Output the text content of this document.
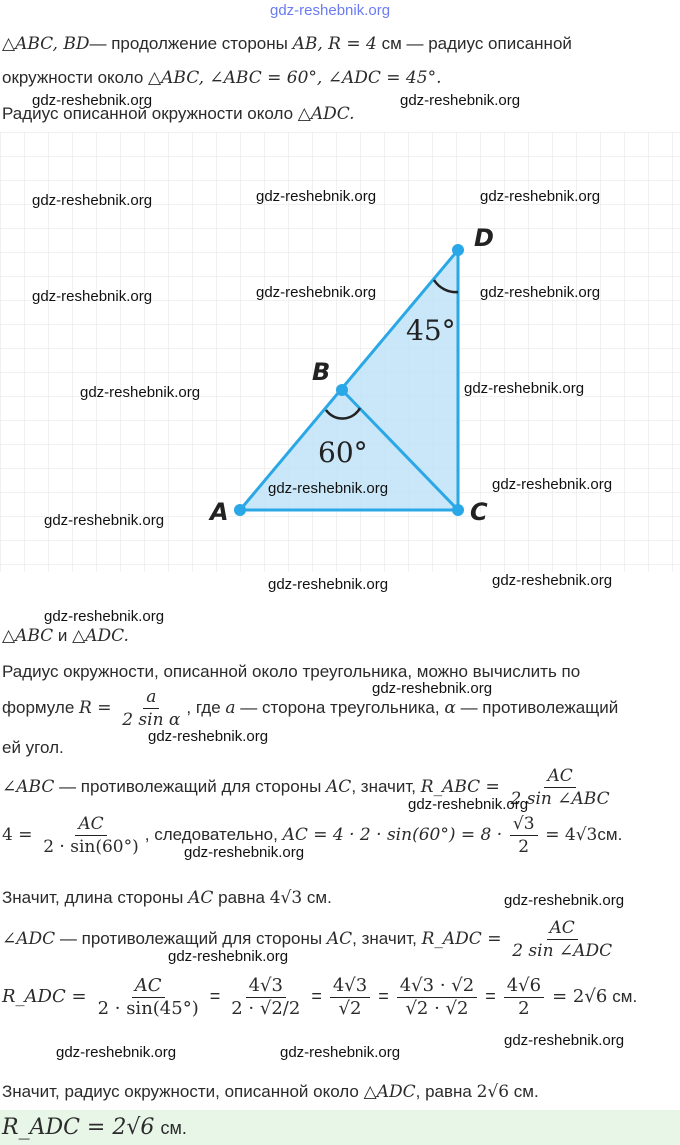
gdz-reshebnik.org
△ABC, BD— продолжение стороны AB, R = 4 см — радиус описанной
окружности около △ABC, ∠ABC = 60°, ∠ADC = 45°.
Радиус описанной окружности около △ADC.
A
B
C
D
60°
45°
△ABC и △ADC.
Радиус окружности, описанной около треугольника, можно вычислить по
формуле $R = \frac{a}{\text{2 sin α}}$ , где a — сторона треугольника, α — противолежащий
ей угол.
∠ABC — противолежащий для стороны AC, значит, R_ABC = $\frac{AC}{\text{2 sin ∠ABC}}$
$4 = \frac{AC}{2 \cdot \sin(60^\circ)}$ , следовательно, AC = $4 \cdot 2 \cdot \sin(60^\circ) = 8 \cdot \frac{√3}{2} = 4√3см$.
Значит, длина стороны AC равна 4√3 см.
∠ADC — противолежащий для стороны AC, значит, R_ADC = $\frac{AC}{\text{2 sin ∠ADC}}$
R_ADC = $\frac{AC}{2 \cdot \sin(45^\circ)} = \frac{4√3}{2 \cdot √2/2} = \frac{4√3}{√2} = \frac{4√3 \cdot √2}{√2 \cdot √2} = \frac{4√6}{2} = 2√6$ см.
Значит, радиус окружности, описанной около △ADC, равна 2√6 см.
R_ADC = 2√6 см.
gdz-reshebnik.org	gdz-reshebnik.org
gdz-reshebnik.org	gdz-reshebnik.org	gdz-reshebnik.org
gdz-reshebnik.org	gdz-reshebnik.org	gdz-reshebnik.org
gdz-reshebnik.org	gdz-reshebnik.org
gdz-reshebnik.org	gdz-reshebnik.org
gdz-reshebnik.org
gdz-reshebnik.org	gdz-reshebnik.org
gdz-reshebnik.org
gdz-reshebnik.org
gdz-reshebnik.org
gdz-reshebnik.org
gdz-reshebnik.org
gdz-reshebnik.org
gdz-reshebnik.org
gdz-reshebnik.org
gdz-reshebnik.org	gdz-reshebnik.org
